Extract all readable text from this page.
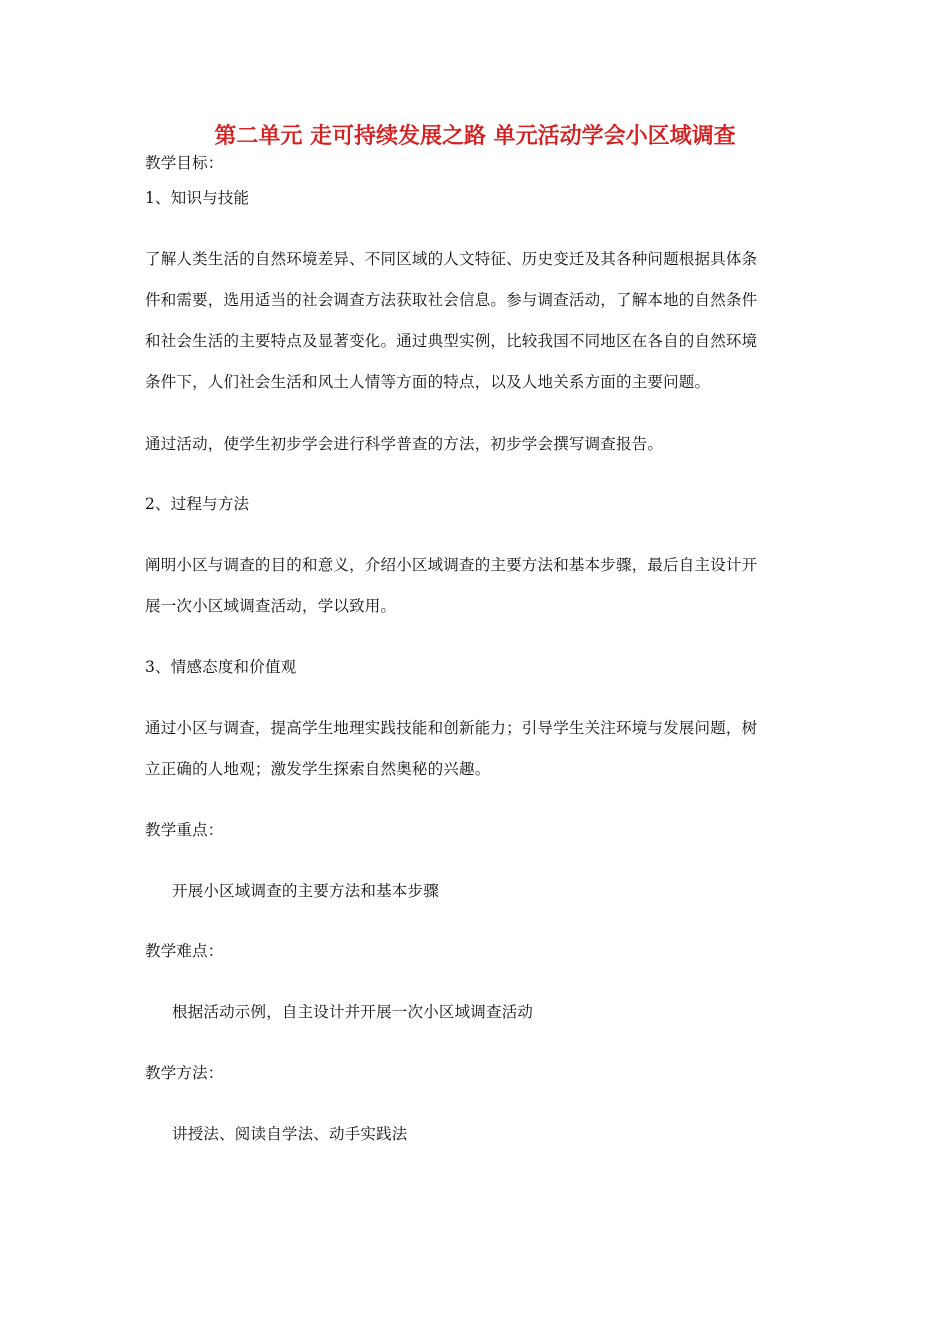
第二单元 走可持续发展之路 单元活动学会小区域调查
教学目标：
1、知识与技能
了解人类生活的自然环境差异、不同区域的人文特征、历史变迁及其各种问题根据具体条
件和需要，选用适当的社会调查方法获取社会信息。参与调查活动，了解本地的自然条件
和社会生活的主要特点及显著变化。通过典型实例，比较我国不同地区在各自的自然环境
条件下，人们社会生活和风土人情等方面的特点，以及人地关系方面的主要问题。
通过活动，使学生初步学会进行科学普查的方法，初步学会撰写调查报告。
2、过程与方法
阐明小区与调查的目的和意义，介绍小区域调查的主要方法和基本步骤，最后自主设计开
展一次小区域调查活动，学以致用。
3、情感态度和价值观
通过小区与调查，提高学生地理实践技能和创新能力；引导学生关注环境与发展问题，树
立正确的人地观；激发学生探索自然奥秘的兴趣。
教学重点：
开展小区域调查的主要方法和基本步骤
教学难点：
根据活动示例，自主设计并开展一次小区域调查活动
教学方法：
讲授法、阅读自学法、动手实践法
